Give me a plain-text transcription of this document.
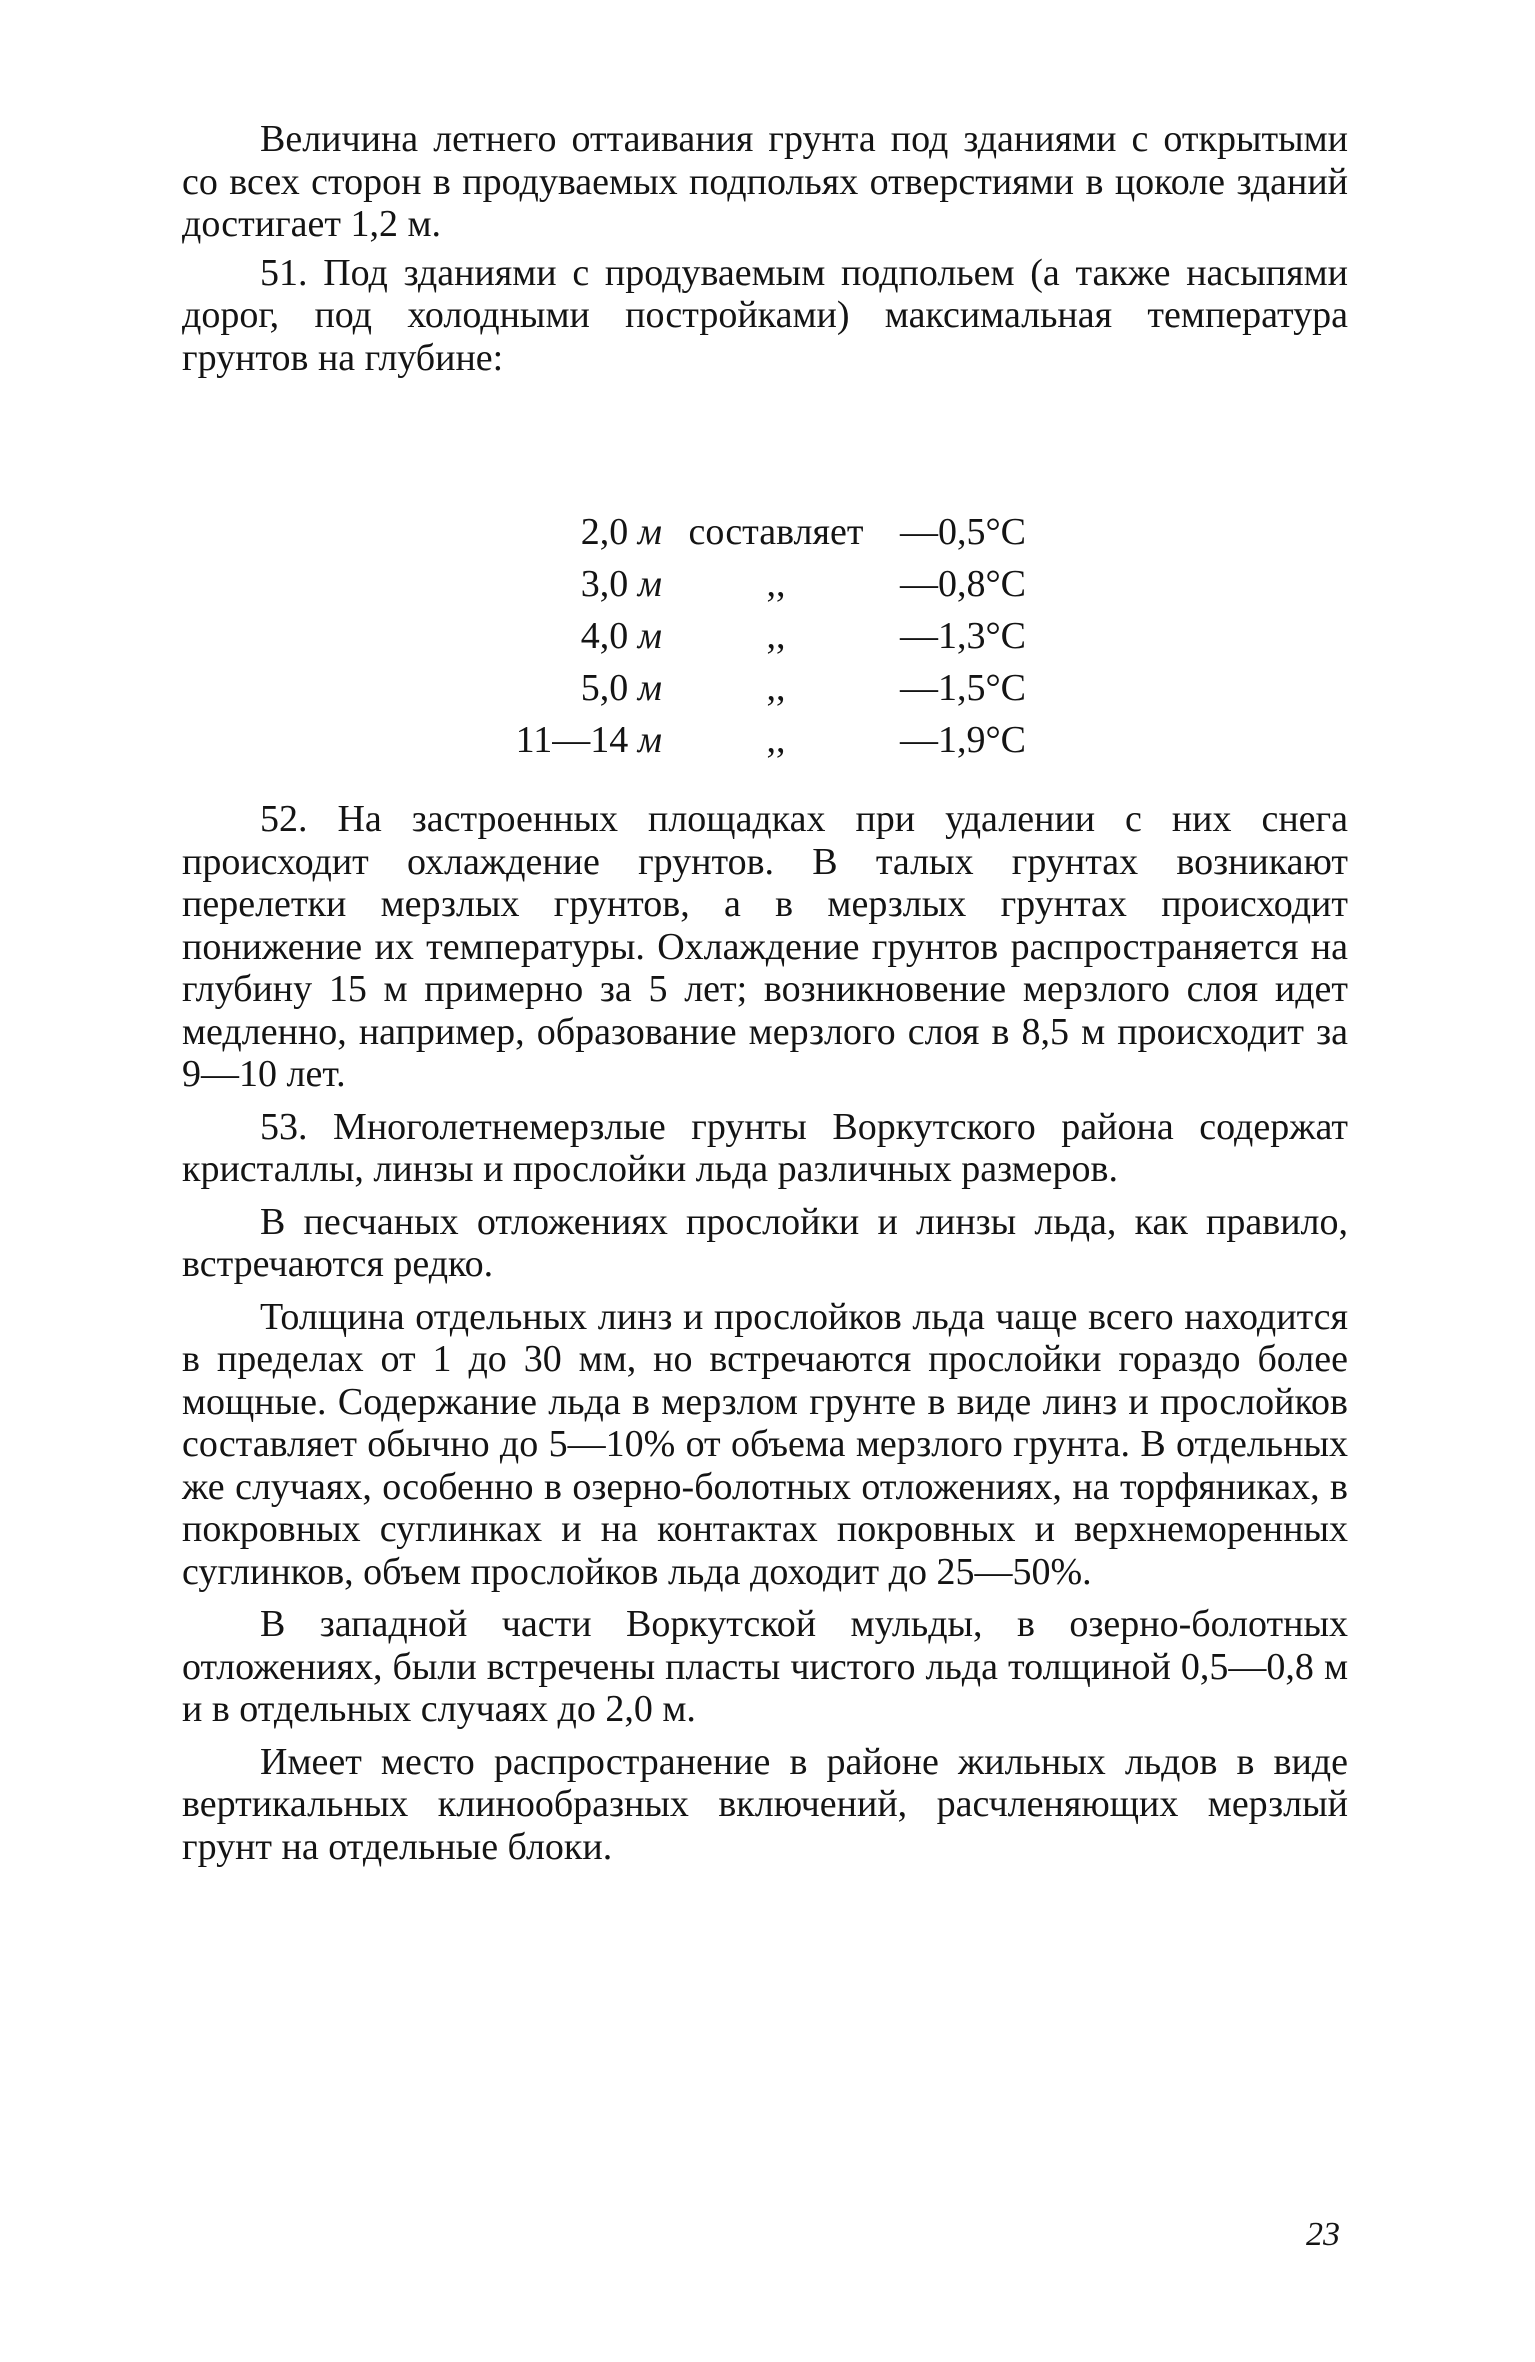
Величина летнего оттаивания грунта под зданиями с открытыми со всех сторон в продуваемых подпольях отверстиями в цоколе зданий достигает 1,2 м.

51. Под зданиями с продуваемым подпольем (а также насыпями дорог, под холодными постройками) максимальная температура грунтов на глубине:

2,0 м	составляет	—0,5°С
3,0 м	,,	—0,8°С
4,0 м	,,	—1,3°С
5,0 м	,,	—1,5°С
11—14 м	,,	—1,9°С

52. На застроенных площадках при удалении с них снега происходит охлаждение грунтов. В талых грунтах возникают перелетки мерзлых грунтов, а в мерзлых грунтах происходит понижение их температуры. Охлаждение грунтов распространяется на глубину 15 м примерно за 5 лет; возникновение мерзлого слоя идет медленно, например, образование мерзлого слоя в 8,5 м происходит за 9—10 лет.

53. Многолетнемерзлые грунты Воркутского района содержат кристаллы, линзы и прослойки льда различных размеров.

В песчаных отложениях прослойки и линзы льда, как правило, встречаются редко.

Толщина отдельных линз и прослойков льда чаще всего находится в пределах от 1 до 30 мм, но встречаются прослойки гораздо более мощные. Содержание льда в мерзлом грунте в виде линз и прослойков составляет обычно до 5—10% от объема мерзлого грунта. В отдельных же случаях, особенно в озерно-болотных отложениях, на торфяниках, в покровных суглинках и на контактах покровных и верхнеморенных суглинков, объем прослойков льда доходит до 25—50%.

В западной части Воркутской мульды, в озерно-болотных отложениях, были встречены пласты чистого льда толщиной 0,5—0,8 м и в отдельных случаях до 2,0 м.

Имеет место распространение в районе жильных льдов в виде вертикальных клинообразных включений, расчленяющих мерзлый грунт на отдельные блоки.

23
